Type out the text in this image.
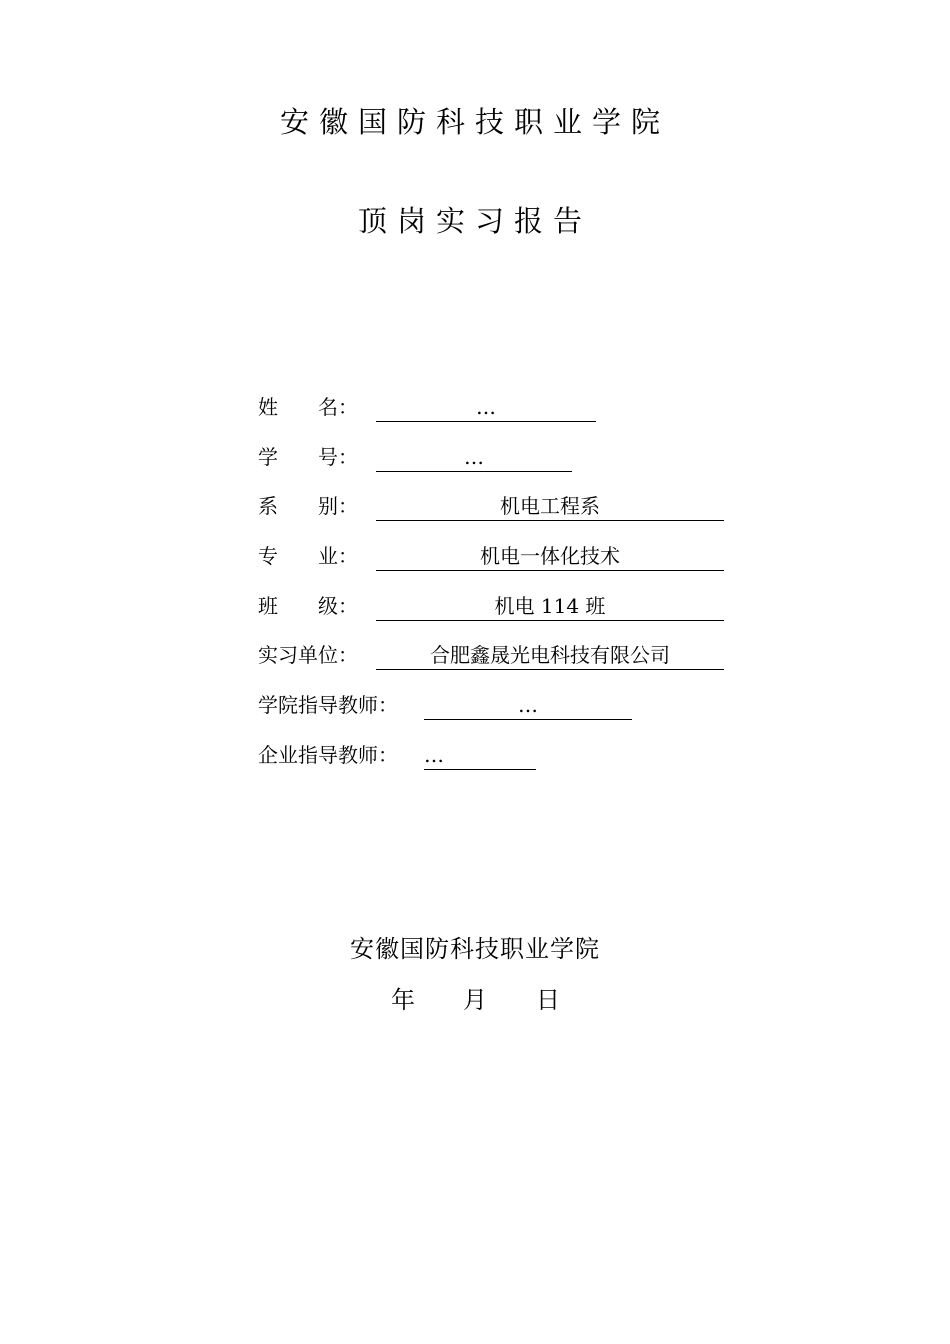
安徽国防科技职业学院
顶岗实习报告
姓 名：	…
学 号：	…
系 别：	机电工程系
专 业：	机电一体化技术
班 级：	机电 114 班
实习单位：	合肥鑫晟光电科技有限公司
学院指导教师：	…
企业指导教师： …
安徽国防科技职业学院
年 月 日
